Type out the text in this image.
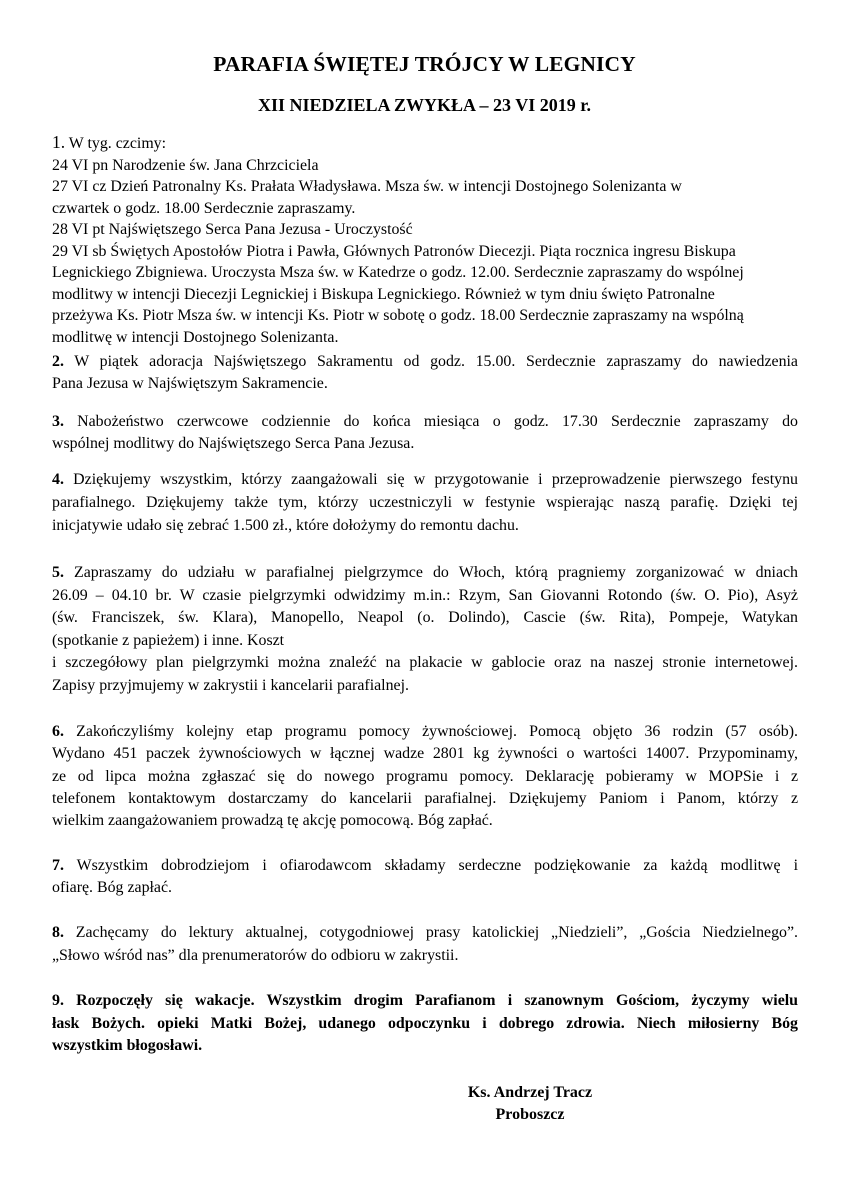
PARAFIA ŚWIĘTEJ TRÓJCY W LEGNICY
XII NIEDZIELA ZWYKŁA – 23 VI 2019 r.
1. W tyg. czcimy:
24 VI pn Narodzenie św. Jana Chrzciciela
27 VI cz Dzień Patronalny Ks. Prałata Władysława. Msza św. w intencji Dostojnego Solenizanta w
czwartek o godz. 18.00 Serdecznie zapraszamy.
28 VI pt Najświętszego Serca Pana Jezusa - Uroczystość
29 VI sb Świętych Apostołów Piotra i Pawła, Głównych Patronów Diecezji. Piąta rocznica ingresu Biskupa
Legnickiego Zbigniewa. Uroczysta Msza św. w Katedrze o godz. 12.00. Serdecznie zapraszamy do wspólnej
modlitwy w intencji Diecezji Legnickiej i Biskupa Legnickiego. Również w tym dniu święto Patronalne
przeżywa Ks. Piotr Msza św. w intencji Ks. Piotr w sobotę o godz. 18.00 Serdecznie zapraszamy na wspólną
modlitwę w intencji Dostojnego Solenizanta.
2. W piątek adoracja Najświętszego Sakramentu od godz. 15.00. Serdecznie zapraszamy do nawiedzenia
Pana Jezusa w Najświętszym Sakramencie.
3. Nabożeństwo czerwcowe codziennie do końca miesiąca o godz. 17.30 Serdecznie zapraszamy do
wspólnej modlitwy do Najświętszego Serca Pana Jezusa.
4. Dziękujemy wszystkim, którzy zaangażowali się w przygotowanie i przeprowadzenie pierwszego festynu
parafialnego. Dziękujemy także tym, którzy uczestniczyli w festynie wspierając naszą parafię. Dzięki tej
inicjatywie udało się zebrać 1.500 zł., które dołożymy do remontu dachu.
5. Zapraszamy do udziału w parafialnej pielgrzymce do Włoch, którą pragniemy zorganizować w dniach
26.09 – 04.10 br. W czasie pielgrzymki odwidzimy m.in.: Rzym, San Giovanni Rotondo (św. O. Pio), Asyż
(św. Franciszek, św. Klara), Manopello, Neapol (o. Dolindo), Cascie (św. Rita), Pompeje, Watykan
(spotkanie z papieżem) i inne. Koszt
i szczegółowy plan pielgrzymki można znaleźć na plakacie w gablocie oraz na naszej stronie internetowej.
Zapisy przyjmujemy w zakrystii i kancelarii parafialnej.
6. Zakończyliśmy kolejny etap programu pomocy żywnościowej. Pomocą objęto 36 rodzin (57 osób).
Wydano 451 paczek żywnościowych w łącznej wadze 2801 kg żywności o wartości 14007. Przypominamy,
ze od lipca można zgłaszać się do nowego programu pomocy. Deklarację pobieramy w MOPSie i z
telefonem kontaktowym dostarczamy do kancelarii parafialnej. Dziękujemy Paniom i Panom, którzy z
wielkim zaangażowaniem prowadzą tę akcję pomocową. Bóg zapłać.
7. Wszystkim dobrodziejom i ofiarodawcom składamy serdeczne podziękowanie za każdą modlitwę i
ofiarę. Bóg zapłać.
8. Zachęcamy do lektury aktualnej, cotygodniowej prasy katolickiej „Niedzieli”, „Gościa Niedzielnego”.
„Słowo wśród nas” dla prenumeratorów do odbioru w zakrystii.
9. Rozpoczęły się wakacje. Wszystkim drogim Parafianom i szanownym Gościom, życzymy wielu
łask Bożych. opieki Matki Bożej, udanego odpoczynku i dobrego zdrowia. Niech miłosierny Bóg
wszystkim błogosławi.
Ks. Andrzej Tracz
Proboszcz
